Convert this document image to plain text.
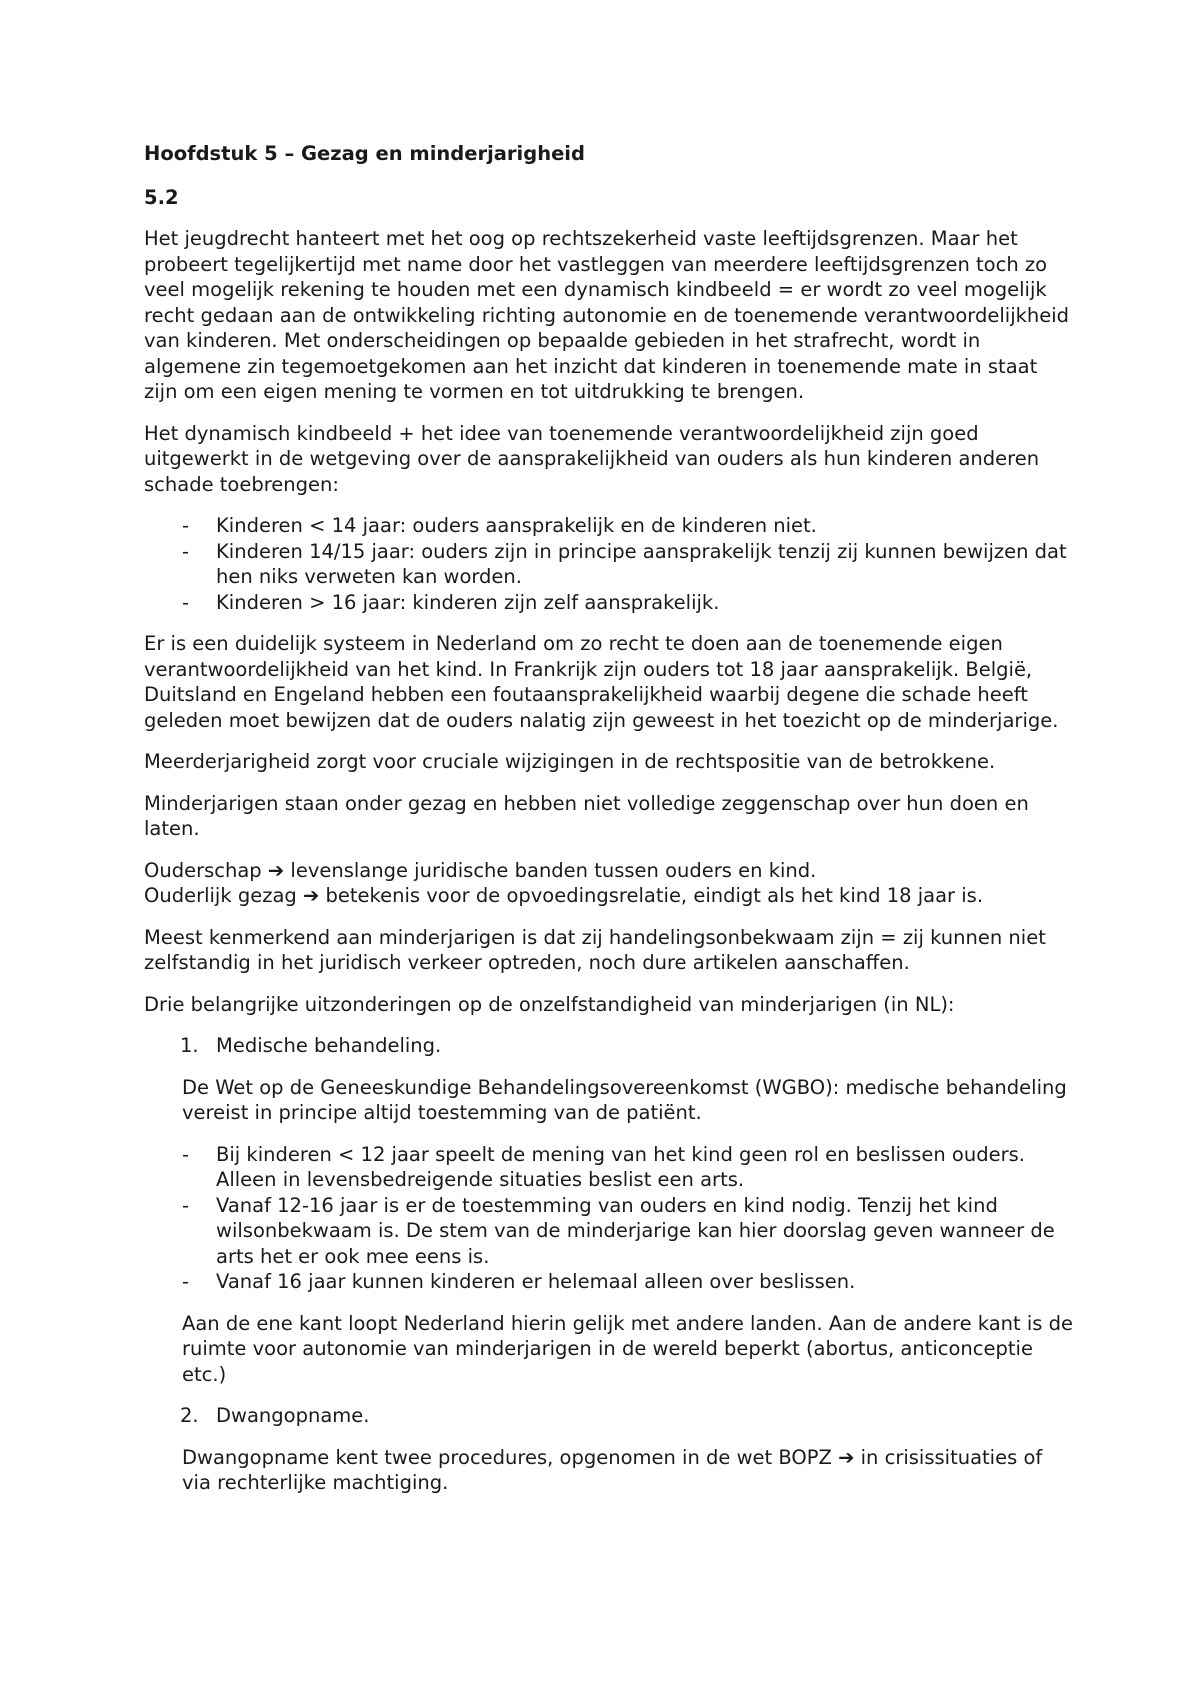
Hoofdstuk 5 – Gezag en minderjarigheid
5.2

Het jeugdrecht hanteert met het oog op rechtszekerheid vaste leeftijdsgrenzen. Maar het probeert tegelijkertijd met name door het vastleggen van meerdere leeftijdsgrenzen toch zo veel mogelijk rekening te houden met een dynamisch kindbeeld = er wordt zo veel mogelijk recht gedaan aan de ontwikkeling richting autonomie en de toenemende verantwoordelijkheid van kinderen. Met onderscheidingen op bepaalde gebieden in het strafrecht, wordt in algemene zin tegemoetgekomen aan het inzicht dat kinderen in toenemende mate in staat zijn om een eigen mening te vormen en tot uitdrukking te brengen.

Het dynamisch kindbeeld + het idee van toenemende verantwoordelijkheid zijn goed uitgewerkt in de wetgeving over de aansprakelijkheid van ouders als hun kinderen anderen schade toebrengen:

- Kinderen < 14 jaar: ouders aansprakelijk en de kinderen niet.
- Kinderen 14/15 jaar: ouders zijn in principe aansprakelijk tenzij zij kunnen bewijzen dat hen niks verweten kan worden.
- Kinderen > 16 jaar: kinderen zijn zelf aansprakelijk.

Er is een duidelijk systeem in Nederland om zo recht te doen aan de toenemende eigen verantwoordelijkheid van het kind. In Frankrijk zijn ouders tot 18 jaar aansprakelijk. België, Duitsland en Engeland hebben een foutaansprakelijkheid waarbij degene die schade heeft geleden moet bewijzen dat de ouders nalatig zijn geweest in het toezicht op de minderjarige.

Meerderjarigheid zorgt voor cruciale wijzigingen in de rechtspositie van de betrokkene.

Minderjarigen staan onder gezag en hebben niet volledige zeggenschap over hun doen en laten.

Ouderschap ➔ levenslange juridische banden tussen ouders en kind.

Ouderlijk gezag ➔ betekenis voor de opvoedingsrelatie, eindigt als het kind 18 jaar is.

Meest kenmerkend aan minderjarigen is dat zij handelingsonbekwaam zijn = zij kunnen niet zelfstandig in het juridisch verkeer optreden, noch dure artikelen aanschaffen.

Drie belangrijke uitzonderingen op de onzelfstandigheid van minderjarigen (in NL):

1. Medische behandeling.

De Wet op de Geneeskundige Behandelingsovereenkomst (WGBO): medische behandeling vereist in principe altijd toestemming van de patiënt.

- Bij kinderen < 12 jaar speelt de mening van het kind geen rol en beslissen ouders. Alleen in levensbedreigende situaties beslist een arts.
- Vanaf 12-16 jaar is er de toestemming van ouders en kind nodig. Tenzij het kind wilsonbekwaam is. De stem van de minderjarige kan hier doorslag geven wanneer de arts het er ook mee eens is.
- Vanaf 16 jaar kunnen kinderen er helemaal alleen over beslissen.

Aan de ene kant loopt Nederland hierin gelijk met andere landen. Aan de andere kant is de ruimte voor autonomie van minderjarigen in de wereld beperkt (abortus, anticonceptie etc.)

2. Dwangopname.

Dwangopname kent twee procedures, opgenomen in de wet BOPZ ➔ in crisissituaties of via rechterlijke machtiging.
